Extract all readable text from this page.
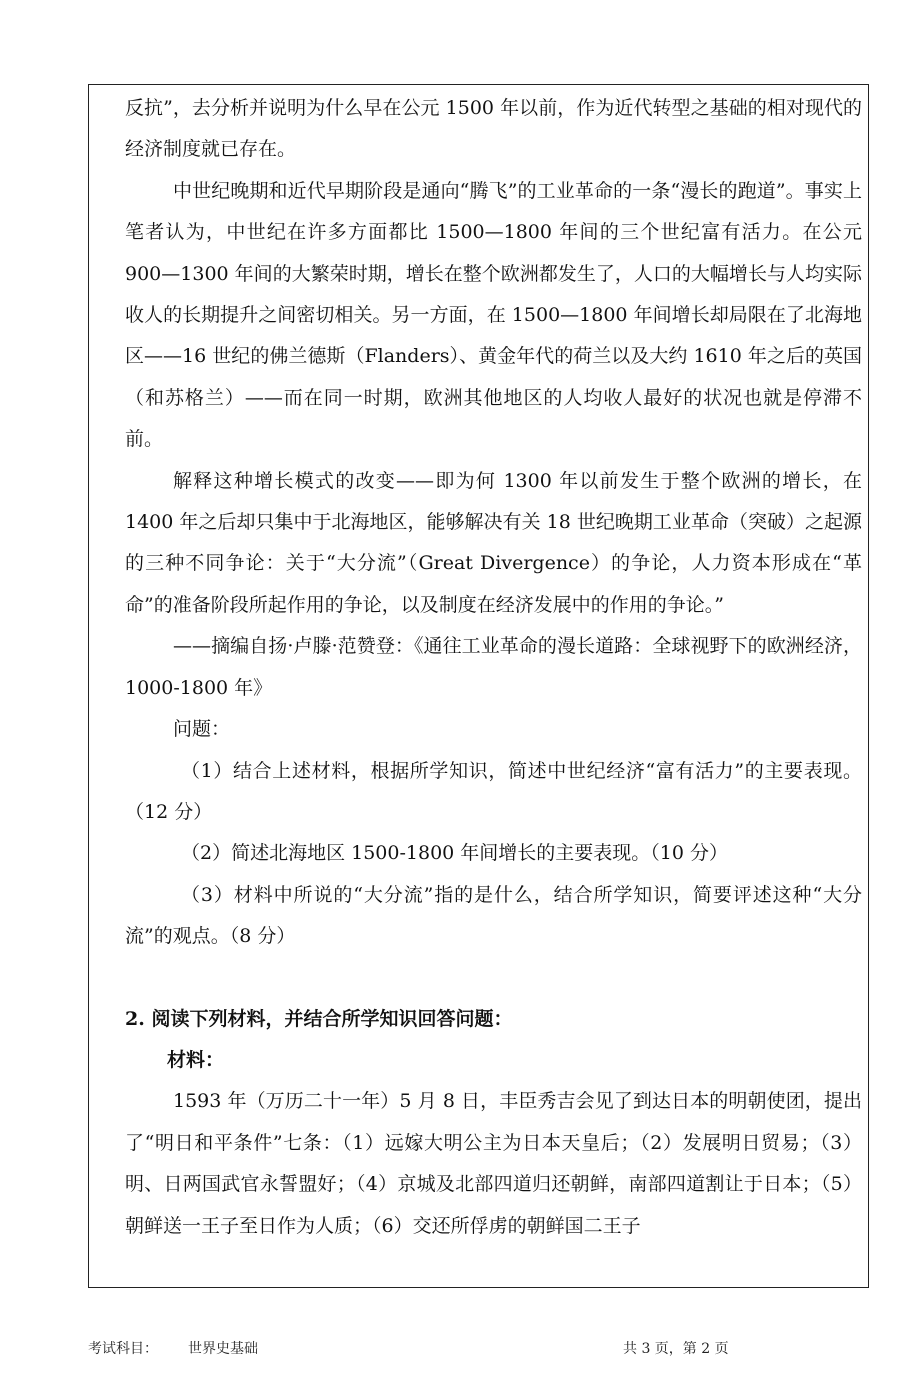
反抗”，去分析并说明为什么早在公元 1500 年以前，作为近代转型之基础的相对现代的经济制度就已存在。

中世纪晚期和近代早期阶段是通向“腾飞”的工业革命的一条“漫长的跑道”。事实上笔者认为，中世纪在许多方面都比 1500—1800 年间的三个世纪富有活力。在公元 900—1300 年间的大繁荣时期，增长在整个欧洲都发生了，人口的大幅增长与人均实际收人的长期提升之间密切相关。另一方面，在 1500—1800 年间增长却局限在了北海地区——16 世纪的佛兰德斯（Flanders）、黄金年代的荷兰以及大约 1610 年之后的英国（和苏格兰）——而在同一时期，欧洲其他地区的人均收人最好的状况也就是停滞不前。

解释这种增长模式的改变——即为何 1300 年以前发生于整个欧洲的增长，在 1400 年之后却只集中于北海地区，能够解决有关 18 世纪晚期工业革命（突破）之起源的三种不同争论：关于“大分流”（Great Divergence）的争论，人力资本形成在“革命”的准备阶段所起作用的争论，以及制度在经济发展中的作用的争论。”

——摘编自扬·卢滕·范赞登：《通往工业革命的漫长道路：全球视野下的欧洲经济，1000-1800 年》

问题：

（1）结合上述材料，根据所学知识，简述中世纪经济“富有活力”的主要表现。（12 分）

（2）简述北海地区 1500-1800 年间增长的主要表现。（10 分）

（3）材料中所说的“大分流”指的是什么，结合所学知识，简要评述这种“大分流”的观点。（8 分）

2. 阅读下列材料，并结合所学知识回答问题：

材料：

1593 年（万历二十一年）5 月 8 日，丰臣秀吉会见了到达日本的明朝使团，提出了“明日和平条件”七条：（1）远嫁大明公主为日本天皇后；（2）发展明日贸易；（3）明、日两国武官永誓盟好；（4）京城及北部四道归还朝鲜，南部四道割让于日本；（5）朝鲜送一王子至日作为人质；（6）交还所俘虏的朝鲜国二王子

考试科目： 世界史基础	共 3 页，第 2 页
